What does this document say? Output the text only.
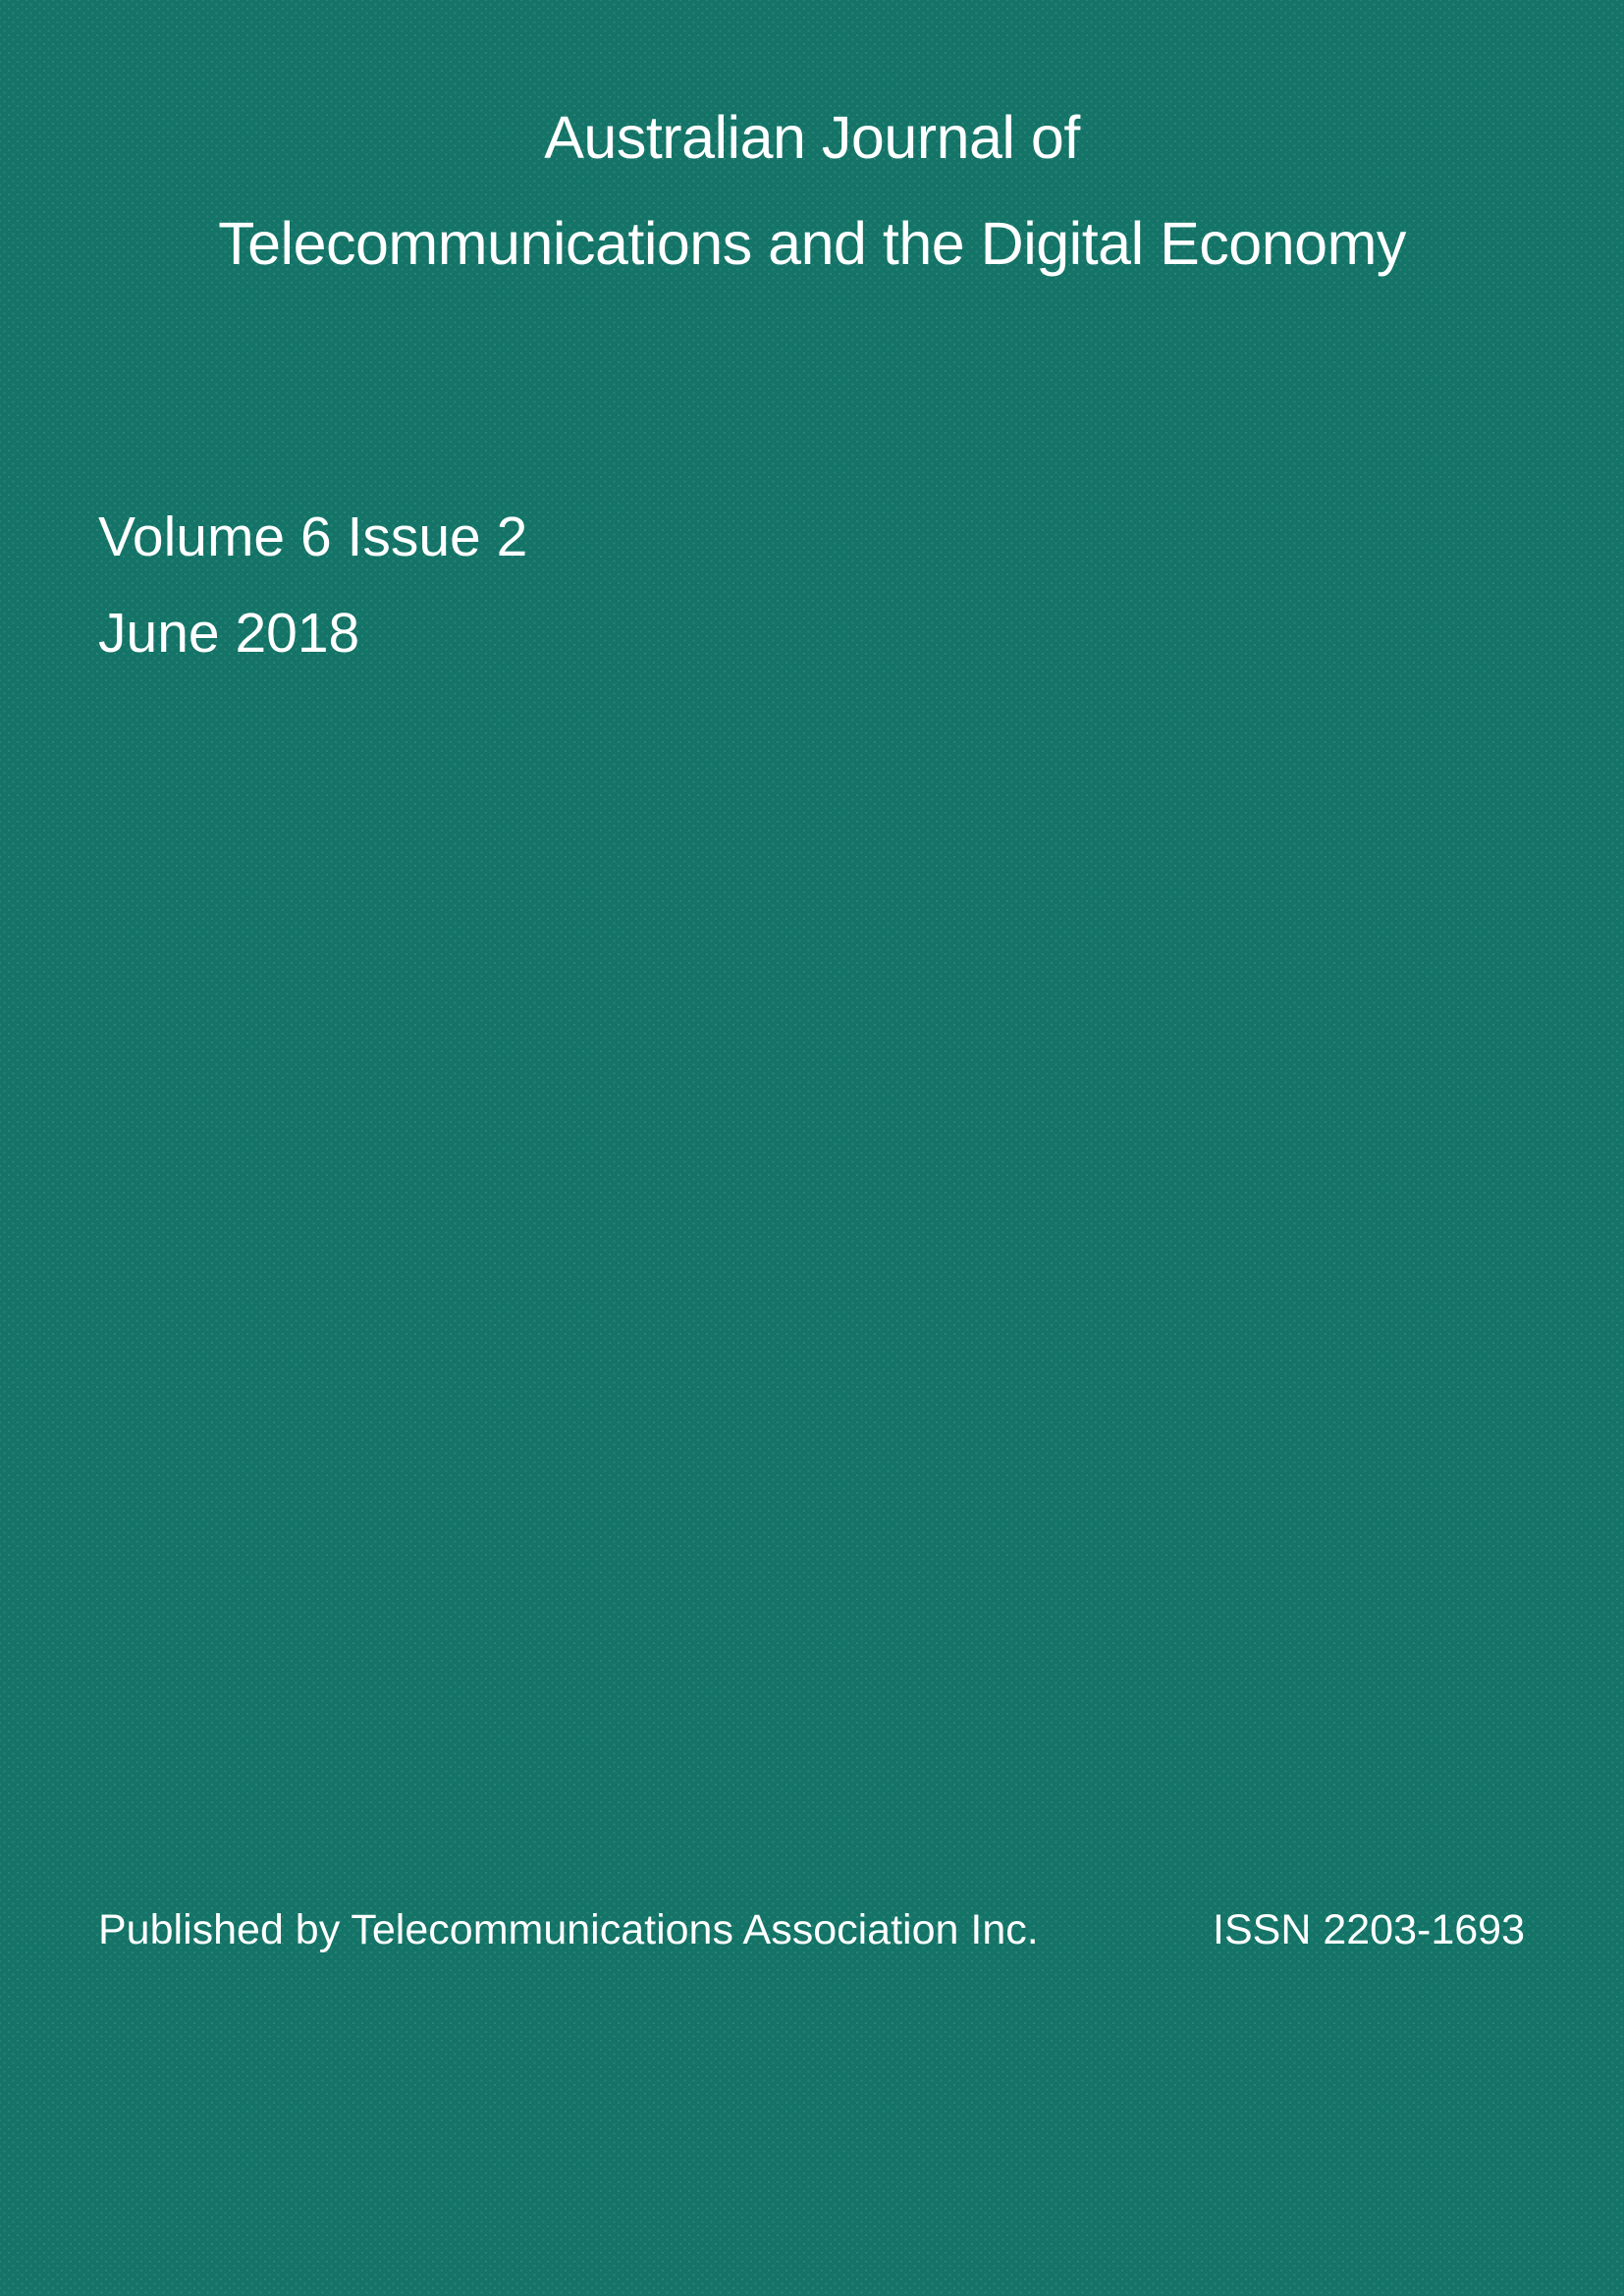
Australian Journal of
Telecommunications and the Digital Economy
Volume 6 Issue 2
June 2018
Published by Telecommunications Association Inc.	ISSN 2203-1693
